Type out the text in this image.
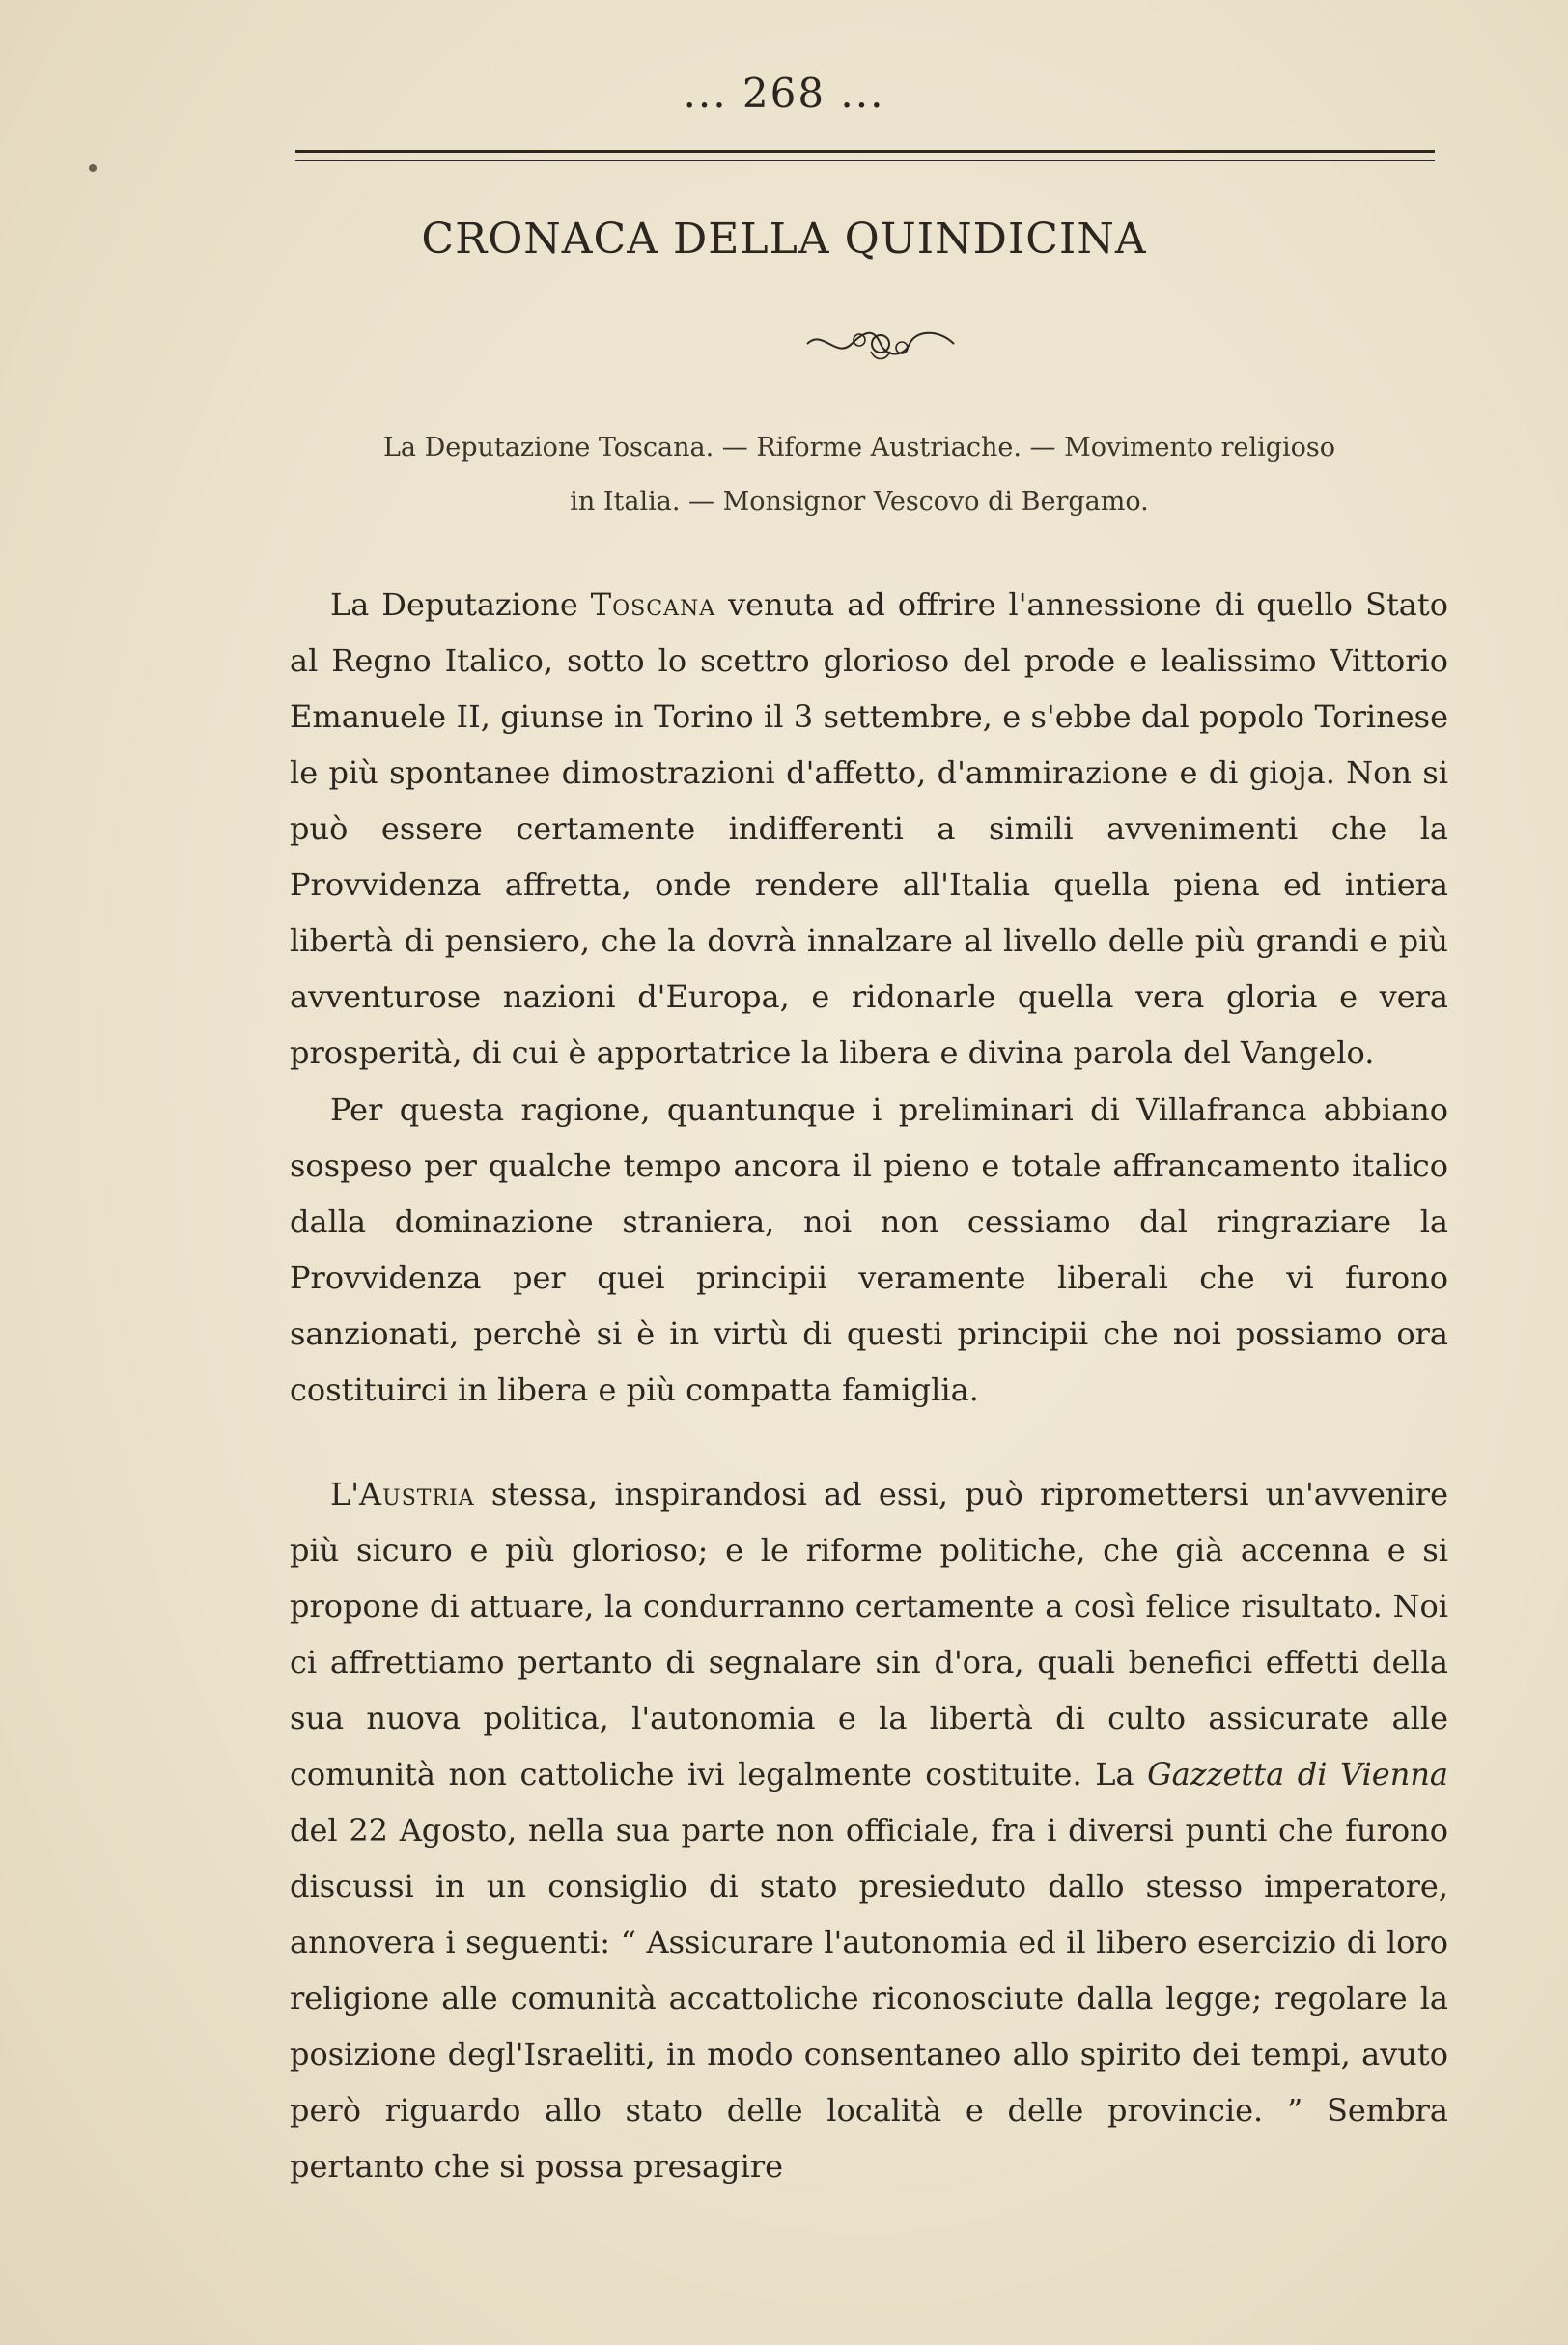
... 268 ...
CRONACA DELLA QUINDICINA
La Deputazione Toscana. — Riforme Austriache. — Movimento religioso
in Italia. — Monsignor Vescovo di Bergamo.

La Deputazione Toscana venuta ad offrire l'annessione di quello Stato al Regno Italico, sotto lo scettro glorioso del prode e lealissimo Vittorio Emanuele II, giunse in Torino il 3 settembre, e s'ebbe dal popolo Torinese le più spontanee dimostrazioni d'affetto, d'ammirazione e di gioja. Non si può essere certamente indifferenti a simili avvenimenti che la Provvidenza affretta, onde rendere all'Italia quella piena ed intiera libertà di pensiero, che la dovrà innalzare al livello delle più grandi e più avventurose nazioni d'Europa, e ridonarle quella vera gloria e vera prosperità, di cui è apportatrice la libera e divina parola del Vangelo.

Per questa ragione, quantunque i preliminari di Villafranca abbiano sospeso per qualche tempo ancora il pieno e totale affrancamento italico dalla dominazione straniera, noi non cessiamo dal ringraziare la Provvidenza per quei principii veramente liberali che vi furono sanzionati, perchè si è in virtù di questi principii che noi possiamo ora costituirci in libera e più compatta famiglia.

L'Austria stessa, inspirandosi ad essi, può ripromettersi un'avvenire più sicuro e più glorioso; e le riforme politiche, che già accenna e si propone di attuare, la condurranno certamente a così felice risultato. Noi ci affrettiamo pertanto di segnalare sin d'ora, quali benefici effetti della sua nuova politica, l'autonomia e la libertà di culto assicurate alle comunità non cattoliche ivi legalmente costituite. La Gazzetta di Vienna del 22 Agosto, nella sua parte non officiale, fra i diversi punti che furono discussi in un consiglio di stato presieduto dallo stesso imperatore, annovera i seguenti: “ Assicurare l'autonomia ed il libero esercizio di loro religione alle comunità accattoliche riconosciute dalla legge; regolare la posizione degl'Israeliti, in modo consentaneo allo spirito dei tempi, avuto però riguardo allo stato delle località e delle provincie. ” Sembra pertanto che si possa presagire
